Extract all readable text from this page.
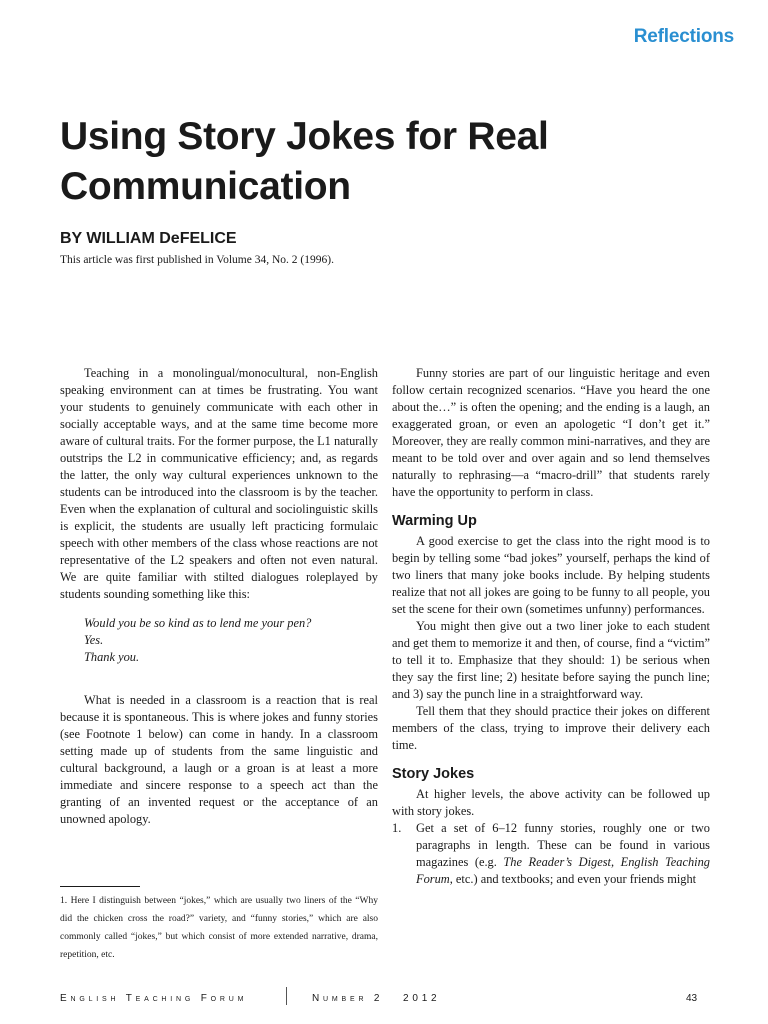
Reflections
Using Story Jokes for Real Communication
BY WILLIAM DeFELICE
This article was first published in Volume 34, No. 2 (1996).

Teaching in a monolingual/monocultural, non-English speaking environment can at times be frustrating. You want your students to genuinely communicate with each other in socially acceptable ways, and at the same time become more aware of cultural traits. For the former purpose, the L1 naturally outstrips the L2 in communicative efficiency; and, as regards the latter, the only way cultural experiences unknown to the students can be introduced into the classroom is by the teacher. Even when the explanation of cultural and sociolinguistic skills is explicit, the students are usually left practicing formulaic speech with other members of the class whose reactions are not representative of the L2 speakers and often not even natural. We are quite familiar with stilted dialogues roleplayed by students sounding something like this:

Would you be so kind as to lend me your pen?
Yes.
Thank you.

What is needed in a classroom is a reaction that is real because it is spontaneous. This is where jokes and funny stories (see Footnote 1 below) can come in handy. In a classroom setting made up of students from the same linguistic and cultural background, a laugh or a groan is at least a more immediate and sincere response to a speech act than the granting of an invented request or the acceptance of an unowned apology.

1. Here I distinguish between “jokes,” which are usually two liners of the “Why did the chicken cross the road?” variety, and “funny stories,” which are also commonly called “jokes,” but which consist of more extended narrative, drama, repetition, etc.

Funny stories are part of our linguistic heritage and even follow certain recognized scenarios. “Have you heard the one about the…” is often the opening; and the ending is a laugh, an exaggerated groan, or even an apologetic “I don’t get it.” Moreover, they are really common mini-narratives, and they are meant to be told over and over again and so lend themselves naturally to rephrasing—a “macro-drill” that students rarely have the opportunity to perform in class.

Warming Up

A good exercise to get the class into the right mood is to begin by telling some “bad jokes” yourself, perhaps the kind of two liners that many joke books include. By helping students realize that not all jokes are going to be funny to all people, you set the scene for their own (sometimes unfunny) performances.

You might then give out a two liner joke to each student and get them to memorize it and then, of course, find a “victim” to tell it to. Emphasize that they should: 1) be serious when they say the first line; 2) hesitate before saying the punch line; and 3) say the punch line in a straightforward way.

Tell them that they should practice their jokes on different members of the class, trying to improve their delivery each time.

Story Jokes

At higher levels, the above activity can be followed up with story jokes.

1.	Get a set of 6–12 funny stories, roughly one or two paragraphs in length. These can be found in various magazines (e.g. The Reader’s Digest, English Teaching Forum, etc.) and textbooks; and even your friends might
English Teaching Forum	Number 2   2012	43
